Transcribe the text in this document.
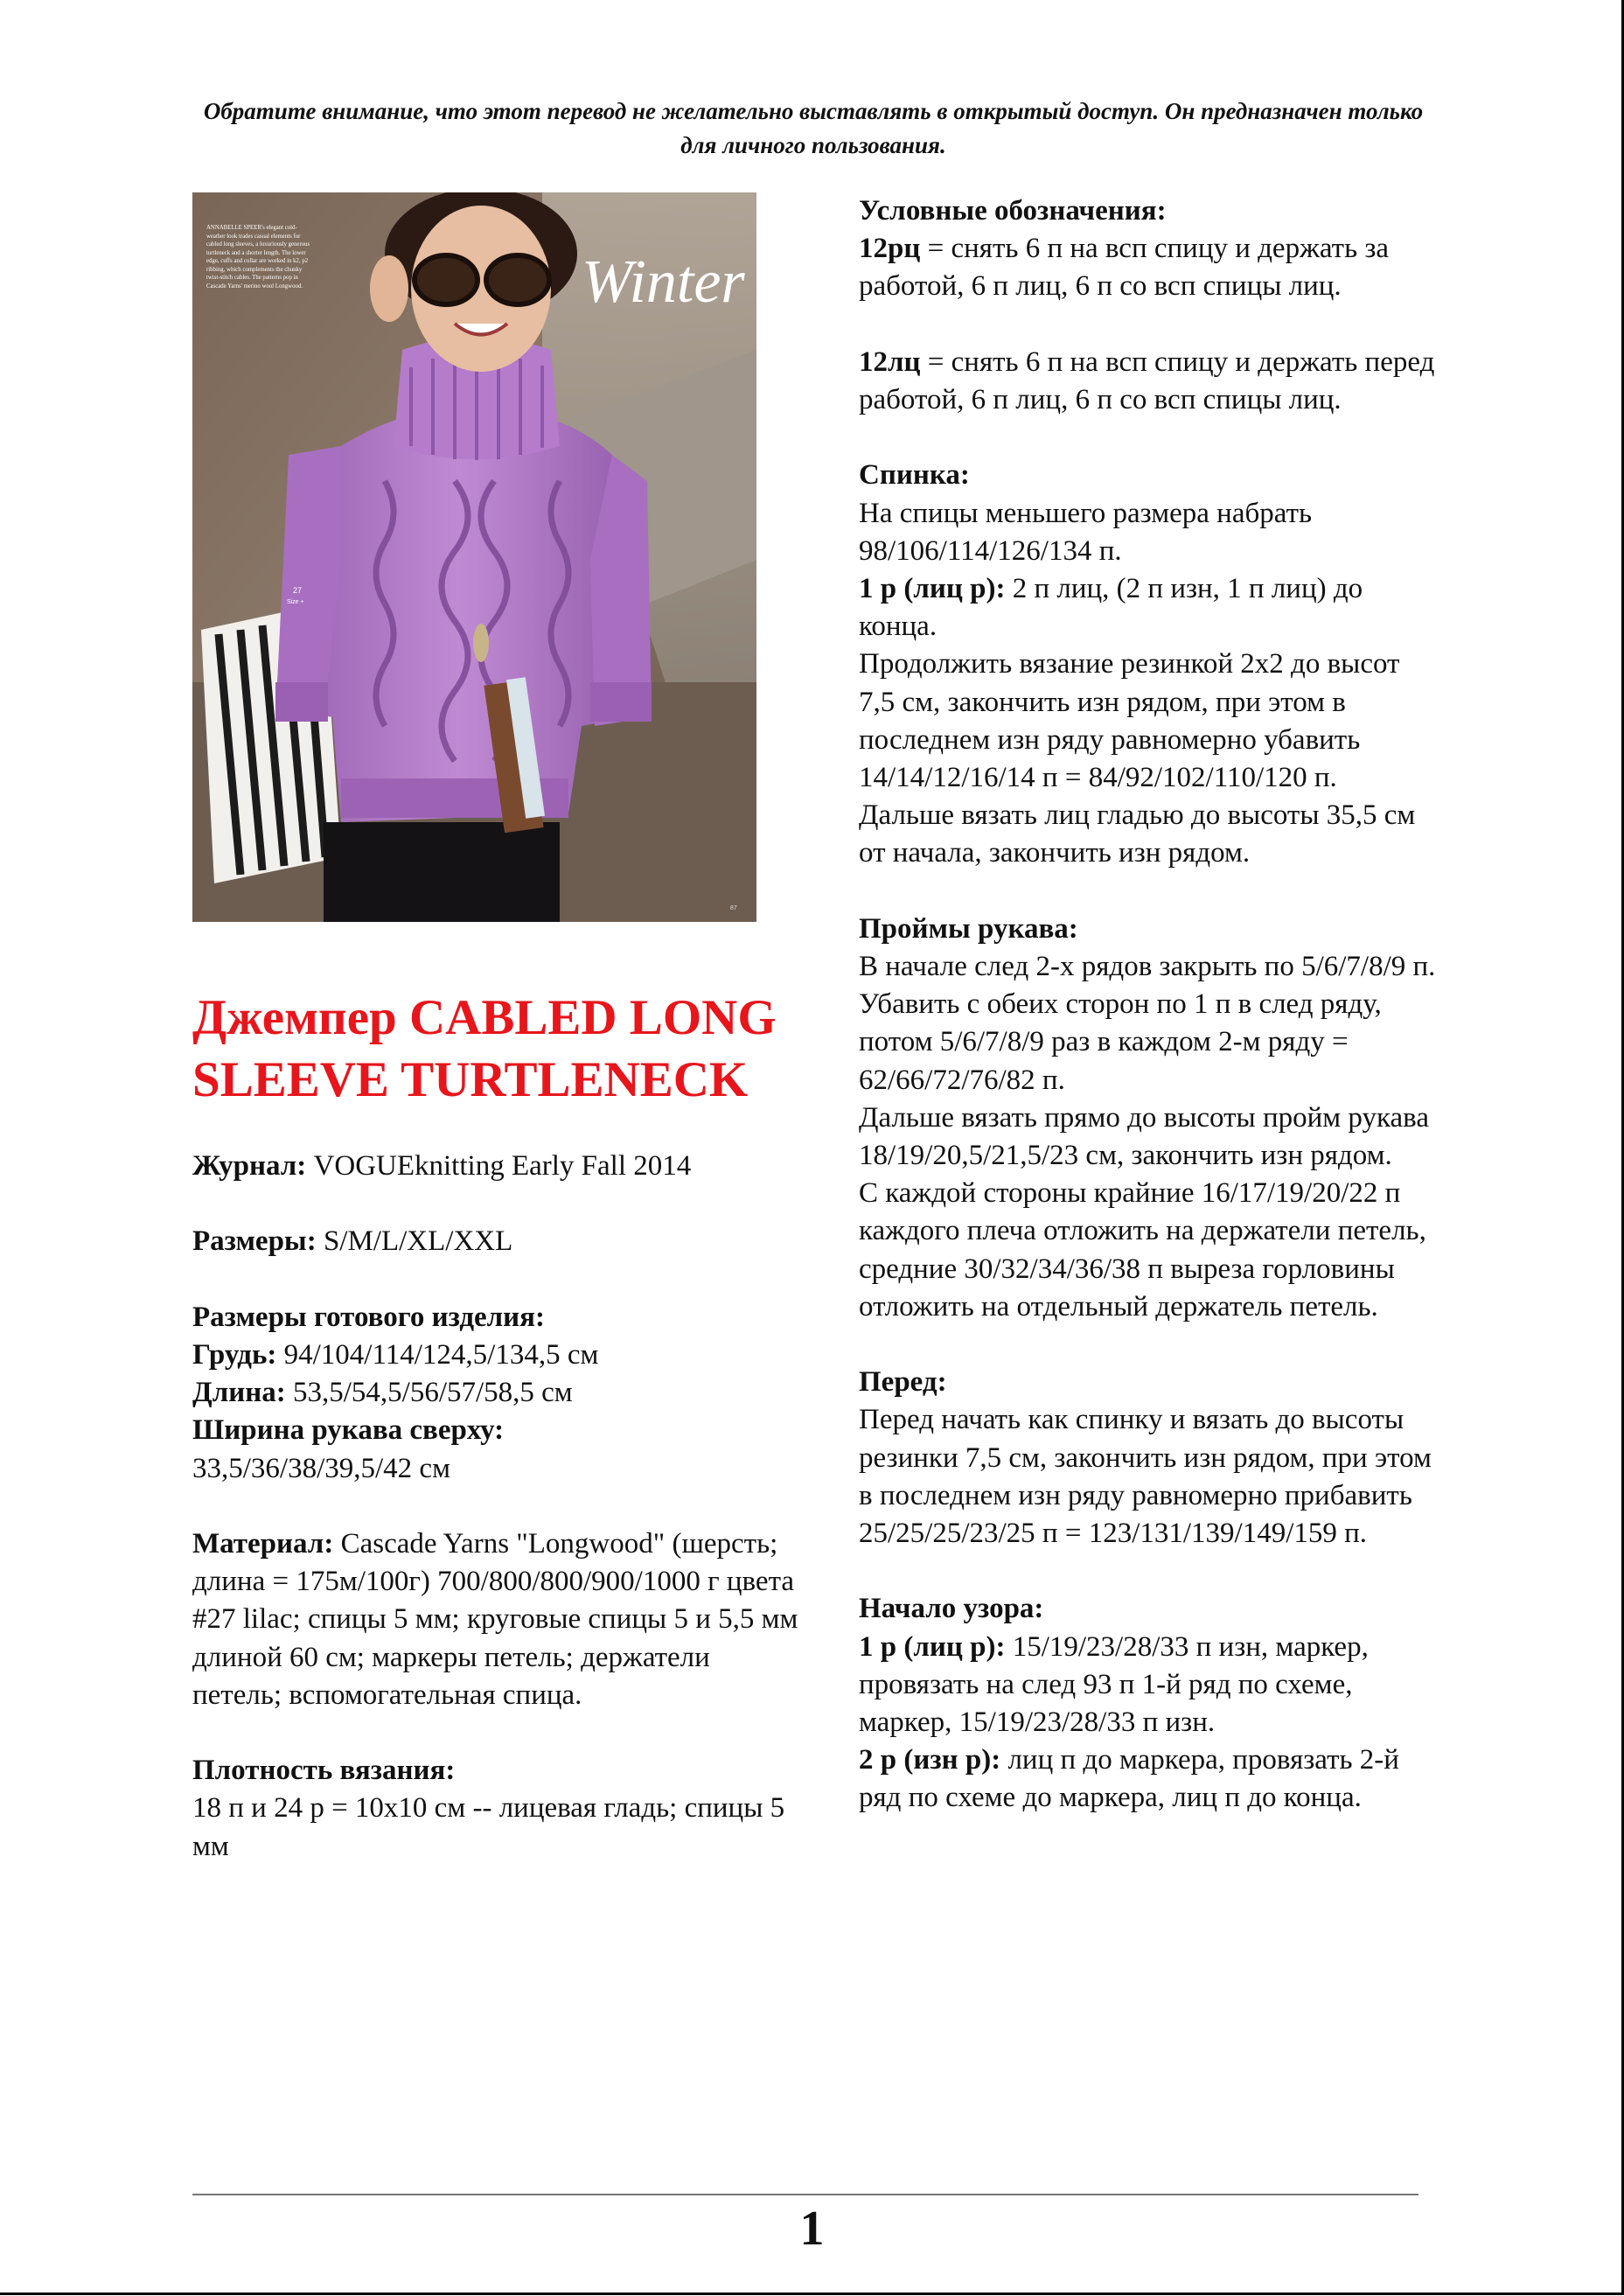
Обратите внимание, что этот перевод не желательно выставлять в открытый доступ. Он предназначен только для личного пользования.

Winter
ANNABELLE SPEER's elegant cold-weather look trades casual elements for cabled long sleeves, a luxuriously generous turtleneck and a shorter length. The lower edge, cuffs and collar are worked in k2, p2 ribbing, which complements the chunky twist-stitch cables. The patterns pop in Cascade Yarns' merino wool Longwood.
27
Size +
87
Джемпер CABLED LONG SLEEVE TURTLENECK

Журнал: VOGUEknitting Early Fall 2014

Размеры: S/M/L/XL/XXL

Размеры готового изделия:
Грудь: 94/104/114/124,5/134,5 см
Длина: 53,5/54,5/56/57/58,5 см
Ширина рукава сверху:
33,5/36/38/39,5/42 см

Материал: Cascade Yarns "Longwood" (шерсть; длина = 175м/100г) 700/800/800/900/1000 г цвета #27 lilac; спицы 5 мм; круговые спицы 5 и 5,5 мм длиной 60 см; маркеры петель; держатели петель; вспомогательная спица.

Плотность вязания:
18 п и 24 р = 10x10 см -- лицевая гладь; спицы 5 мм

Условные обозначения:

12рц = снять 6 п на всп спицу и держать за работой, 6 п лиц, 6 п со всп спицы лиц.

12лц = снять 6 п на всп спицу и держать перед работой, 6 п лиц, 6 п со всп спицы лиц.

Спинка:
На спицы меньшего размера набрать 98/106/114/126/134 п.
1 р (лиц р): 2 п лиц, (2 п изн, 1 п лиц) до конца.
Продолжить вязание резинкой 2x2 до высот 7,5 см, закончить изн рядом, при этом в последнем изн ряду равномерно убавить 14/14/12/16/14 п = 84/92/102/110/120 п.
Дальше вязать лиц гладью до высоты 35,5 см от начала, закончить изн рядом.

Проймы рукава:
В начале след 2-х рядов закрыть по 5/6/7/8/9 п. Убавить с обеих сторон по 1 п в след ряду, потом 5/6/7/8/9 раз в каждом 2-м ряду = 62/66/72/76/82 п.
Дальше вязать прямо до высоты пройм рукава 18/19/20,5/21,5/23 см, закончить изн рядом.
С каждой стороны крайние 16/17/19/20/22 п каждого плеча отложить на держатели петель, средние 30/32/34/36/38 п выреза горловины отложить на отдельный держатель петель.

Перед:
Перед начать как спинку и вязать до высоты резинки 7,5 см, закончить изн рядом, при этом в последнем изн ряду равномерно прибавить 25/25/25/23/25 п = 123/131/139/149/159 п.

Начало узора:
1 р (лиц р): 15/19/23/28/33 п изн, маркер, провязать на след 93 п 1-й ряд по схеме, маркер, 15/19/23/28/33 п изн.
2 р (изн р): лиц п до маркера, провязать 2-й ряд по схеме до маркера, лиц п до конца.

1
